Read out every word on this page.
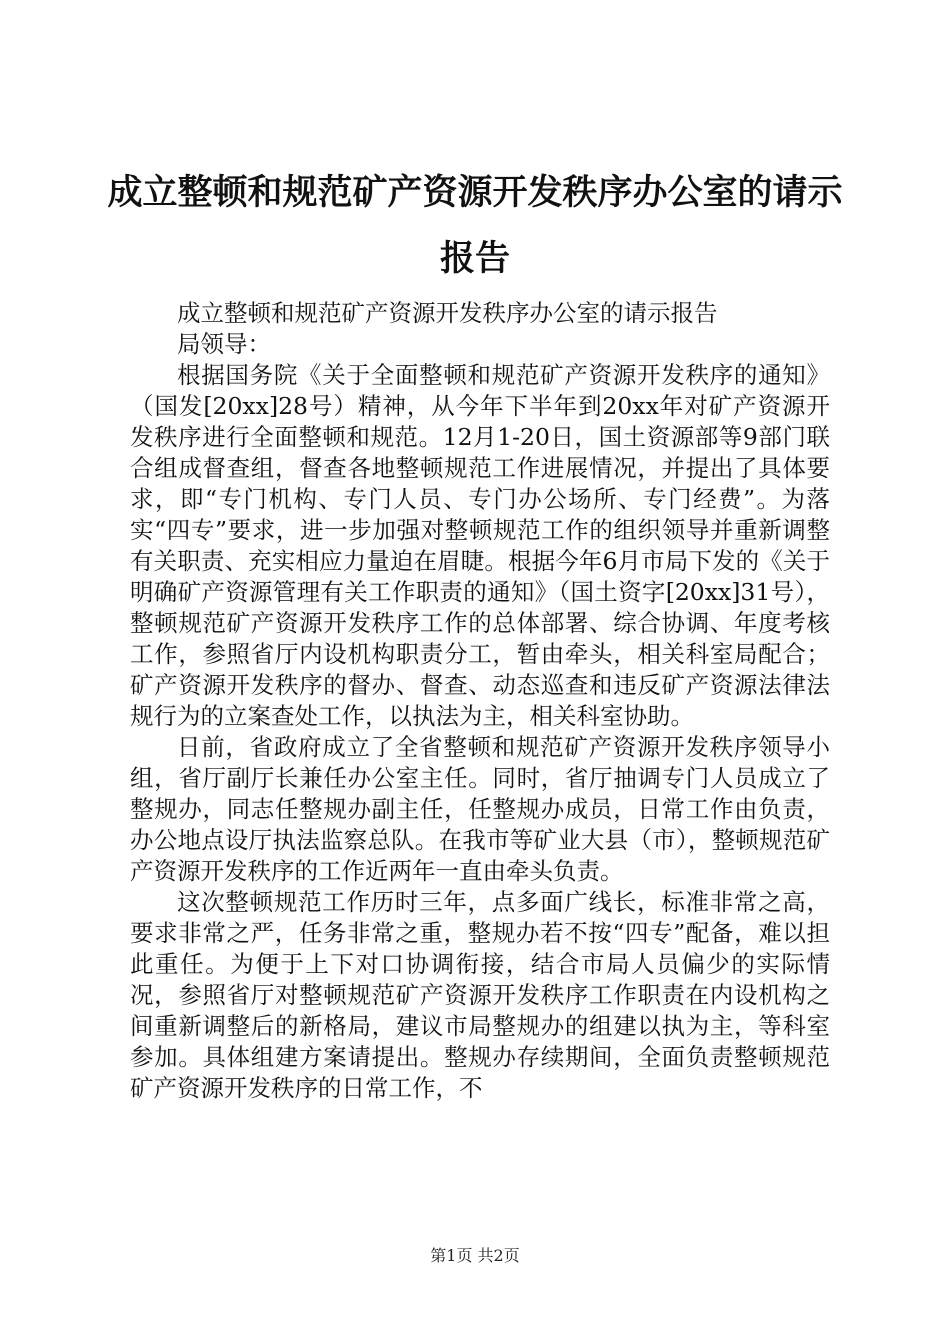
成立整顿和规范矿产资源开发秩序办公室的请示报告

成立整顿和规范矿产资源开发秩序办公室的请示报告

局领导：

根据国务院《关于全面整顿和规范矿产资源开发秩序的通知》（国发[20xx]28号）精神，从今年下半年到20xx年对矿产资源开发秩序进行全面整顿和规范。12月1-20日，国土资源部等9部门联合组成督查组，督查各地整顿规范工作进展情况，并提出了具体要求，即“专门机构、专门人员、专门办公场所、专门经费”。为落实“四专”要求，进一步加强对整顿规范工作的组织领导并重新调整有关职责、充实相应力量迫在眉睫。根据今年6月市局下发的《关于明确矿产资源管理有关工作职责的通知》（国土资字[20xx]31号），整顿规范矿产资源开发秩序工作的总体部署、综合协调、年度考核工作，参照省厅内设机构职责分工，暂由牵头，相关科室局配合；矿产资源开发秩序的督办、督查、动态巡查和违反矿产资源法律法规行为的立案查处工作，以执法为主，相关科室协助。

日前，省政府成立了全省整顿和规范矿产资源开发秩序领导小组，省厅副厅长兼任办公室主任。同时，省厅抽调专门人员成立了整规办，同志任整规办副主任，任整规办成员，日常工作由负责，办公地点设厅执法监察总队。在我市等矿业大县（市），整顿规范矿产资源开发秩序的工作近两年一直由牵头负责。

这次整顿规范工作历时三年，点多面广线长，标准非常之高，要求非常之严，任务非常之重，整规办若不按“四专”配备，难以担此重任。为便于上下对口协调衔接，结合市局人员偏少的实际情况，参照省厅对整顿规范矿产资源开发秩序工作职责在内设机构之间重新调整后的新格局，建议市局整规办的组建以执为主，等科室参加。具体组建方案请提出。整规办存续期间，全面负责整顿规范矿产资源开发秩序的日常工作，不

第1页 共2页
